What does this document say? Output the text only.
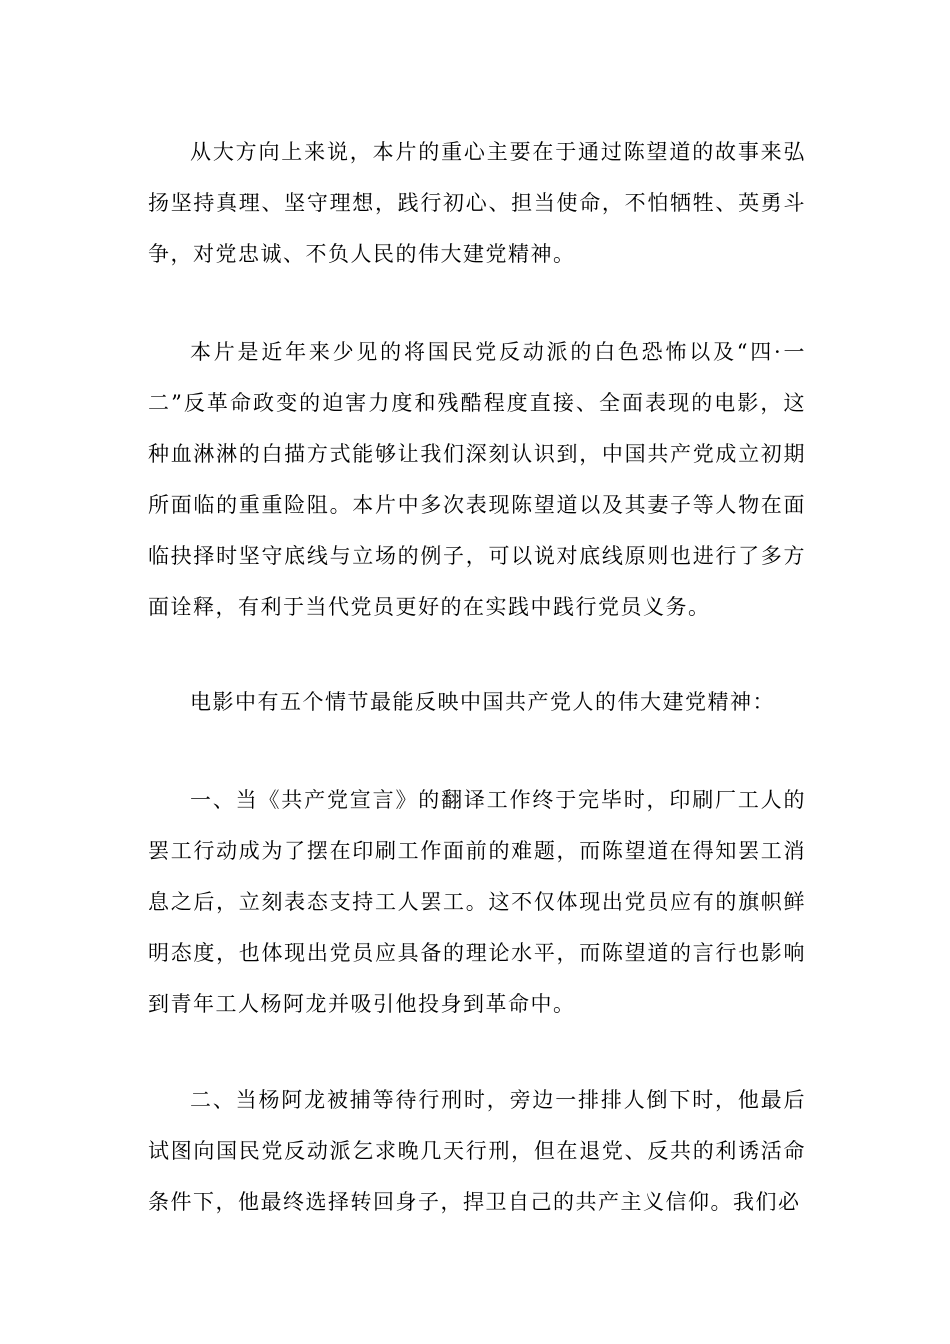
从大方向上来说，本片的重心主要在于通过陈望道的故事来弘扬坚持真理、坚守理想，践行初心、担当使命，不怕牺牲、英勇斗争，对党忠诚、不负人民的伟大建党精神。

本片是近年来少见的将国民党反动派的白色恐怖以及“四·一二”反革命政变的迫害力度和残酷程度直接、全面表现的电影，这种血淋淋的白描方式能够让我们深刻认识到，中国共产党成立初期所面临的重重险阻。本片中多次表现陈望道以及其妻子等人物在面临抉择时坚守底线与立场的例子，可以说对底线原则也进行了多方面诠释，有利于当代党员更好的在实践中践行党员义务。

电影中有五个情节最能反映中国共产党人的伟大建党精神：

一、当《共产党宣言》的翻译工作终于完毕时，印刷厂工人的罢工行动成为了摆在印刷工作面前的难题，而陈望道在得知罢工消息之后，立刻表态支持工人罢工。这不仅体现出党员应有的旗帜鲜明态度，也体现出党员应具备的理论水平，而陈望道的言行也影响到青年工人杨阿龙并吸引他投身到革命中。

二、当杨阿龙被捕等待行刑时，旁边一排排人倒下时，他最后试图向国民党反动派乞求晚几天行刑，但在退党、反共的利诱活命条件下，他最终选择转回身子，捍卫自己的共产主义信仰。我们必
